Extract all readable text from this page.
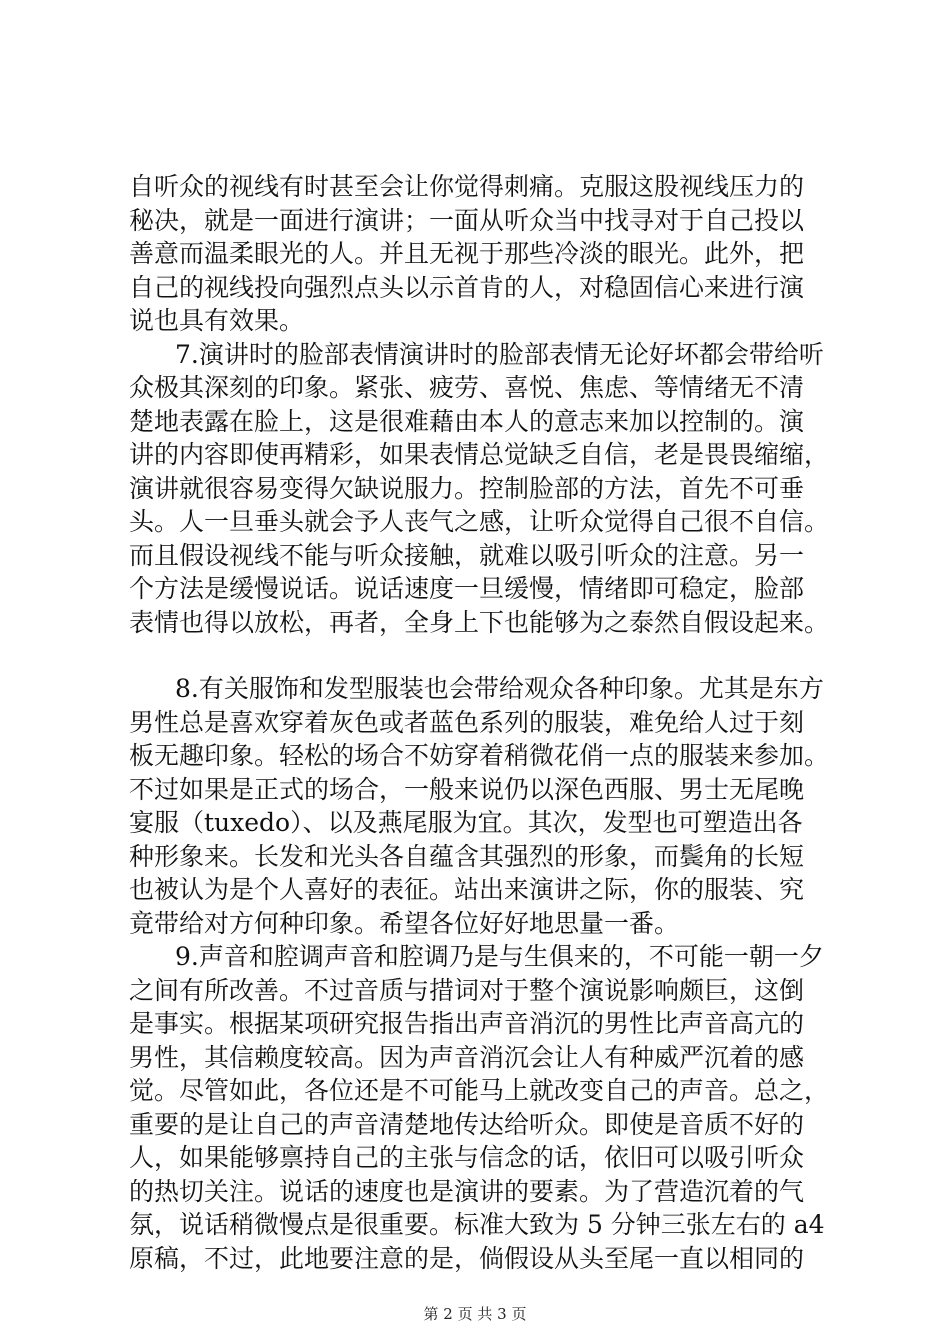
自听众的视线有时甚至会让你觉得刺痛。克服这股视线压力的
秘决，就是一面进行演讲；一面从听众当中找寻对于自己投以
善意而温柔眼光的人。并且无视于那些冷淡的眼光。此外，把
自己的视线投向强烈点头以示首肯的人，对稳固信心来进行演
说也具有效果。
7.演讲时的脸部表情演讲时的脸部表情无论好坏都会带给听
众极其深刻的印象。紧张、疲劳、喜悦、焦虑、等情绪无不清
楚地表露在脸上，这是很难藉由本人的意志来加以控制的。演
讲的内容即使再精彩，如果表情总觉缺乏自信，老是畏畏缩缩，
演讲就很容易变得欠缺说服力。控制脸部的方法，首先不可垂
头。人一旦垂头就会予人丧气之感，让听众觉得自己很不自信。
而且假设视线不能与听众接触，就难以吸引听众的注意。另一
个方法是缓慢说话。说话速度一旦缓慢，情绪即可稳定，脸部
表情也得以放松，再者，全身上下也能够为之泰然自假设起来。
8.有关服饰和发型服装也会带给观众各种印象。尤其是东方
男性总是喜欢穿着灰色或者蓝色系列的服装，难免给人过于刻
板无趣印象。轻松的场合不妨穿着稍微花俏一点的服装来参加。
不过如果是正式的场合，一般来说仍以深色西服、男士无尾晚
宴服（tuxedo）、以及燕尾服为宜。其次，发型也可塑造出各
种形象来。长发和光头各自蕴含其强烈的形象，而鬓角的长短
也被认为是个人喜好的表征。站出来演讲之际，你的服装、究
竟带给对方何种印象。希望各位好好地思量一番。
9.声音和腔调声音和腔调乃是与生俱来的，不可能一朝一夕
之间有所改善。不过音质与措词对于整个演说影响颇巨，这倒
是事实。根据某项研究报告指出声音消沉的男性比声音高亢的
男性，其信赖度较高。因为声音消沉会让人有种威严沉着的感
觉。尽管如此，各位还是不可能马上就改变自己的声音。总之，
重要的是让自己的声音清楚地传达给听众。即使是音质不好的
人，如果能够禀持自己的主张与信念的话，依旧可以吸引听众
的热切关注。说话的速度也是演讲的要素。为了营造沉着的气
氛，说话稍微慢点是很重要。标准大致为 5 分钟三张左右的 a4
原稿，不过，此地要注意的是，倘假设从头至尾一直以相同的
第 2 页 共 3 页
